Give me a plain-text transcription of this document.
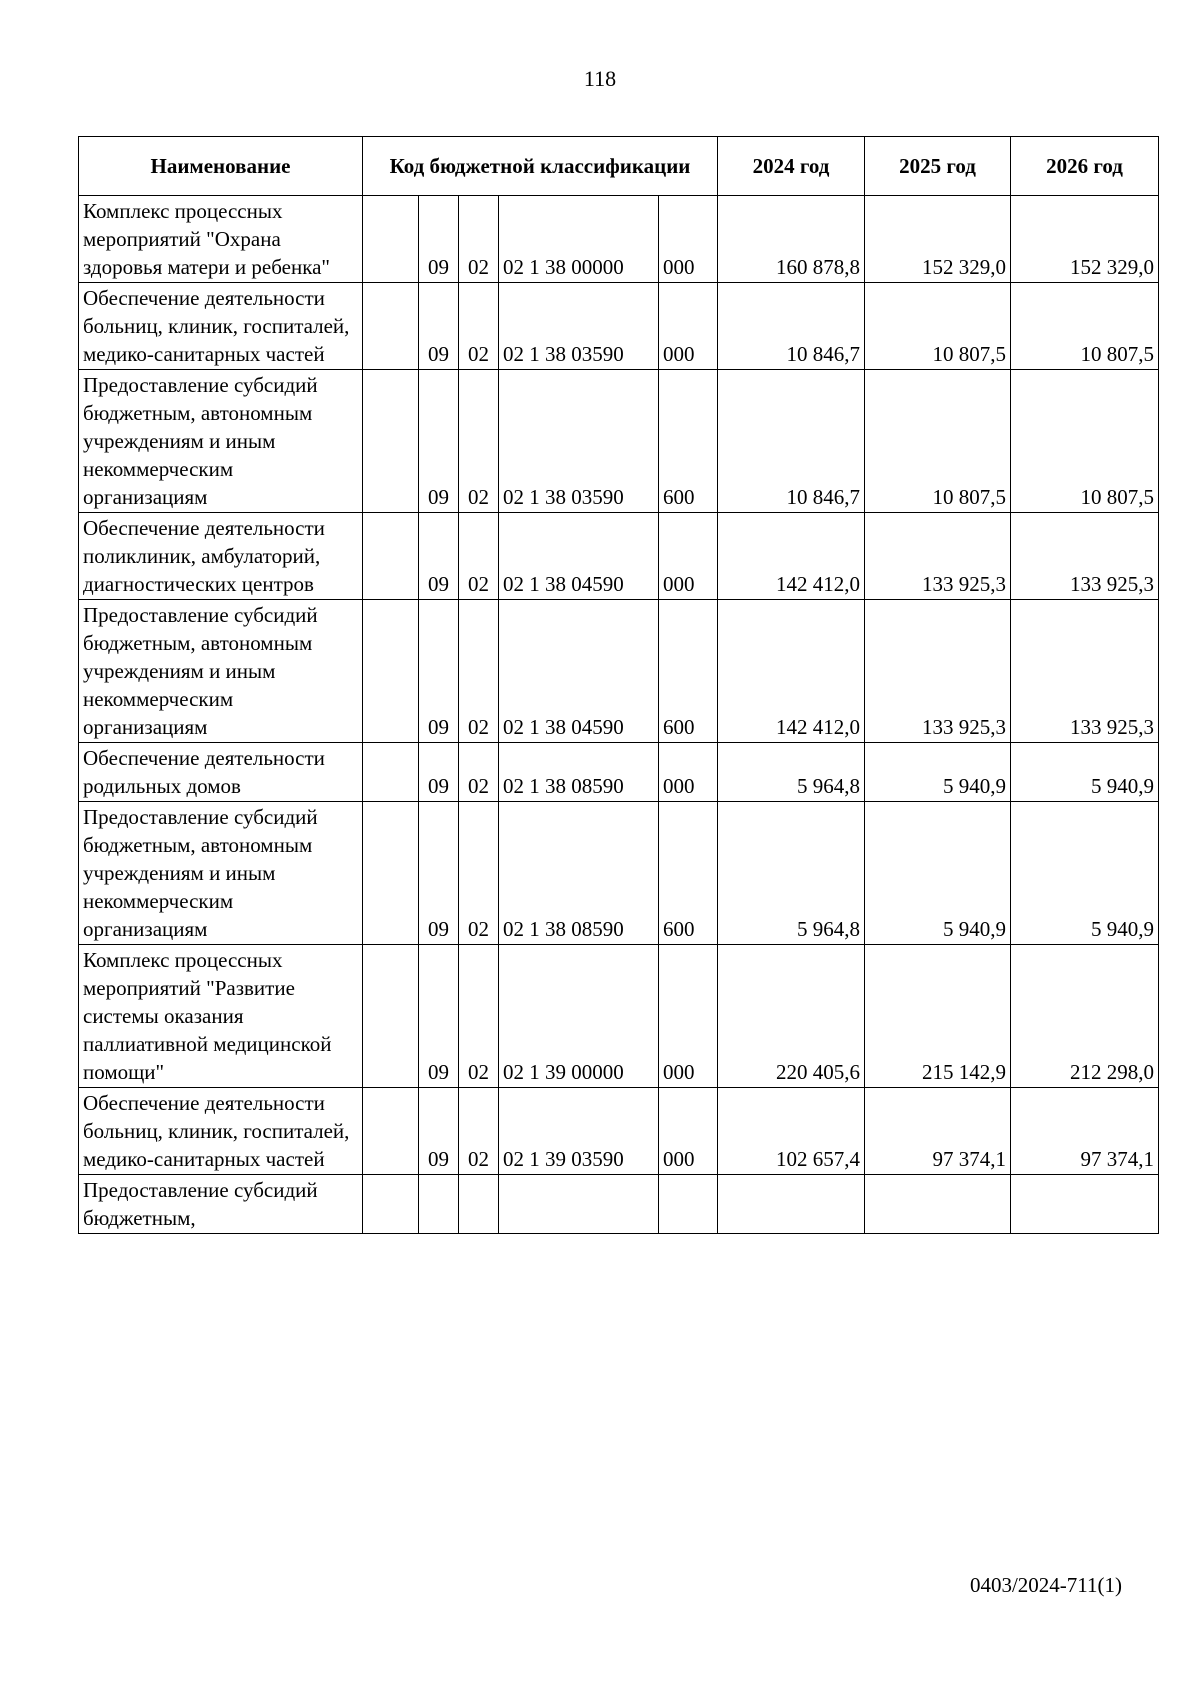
118
Наименование	Код бюджетной классификации					2024 год	2025 год	2026 год
Комплекс процессных мероприятий "Охрана здоровья матери и ребенка"		09	02	02 1 38 00000	000	160 878,8	152 329,0	152 329,0
Обеспечение деятельности больниц, клиник, госпиталей, медико-санитарных частей		09	02	02 1 38 03590	000	10 846,7	10 807,5	10 807,5
Предоставление субсидий бюджетным, автономным учреждениям и иным некоммерческим организациям		09	02	02 1 38 03590	600	10 846,7	10 807,5	10 807,5
Обеспечение деятельности поликлиник, амбулаторий, диагностических центров		09	02	02 1 38 04590	000	142 412,0	133 925,3	133 925,3
Предоставление субсидий бюджетным, автономным учреждениям и иным некоммерческим организациям		09	02	02 1 38 04590	600	142 412,0	133 925,3	133 925,3
Обеспечение деятельности родильных домов		09	02	02 1 38 08590	000	5 964,8	5 940,9	5 940,9
Предоставление субсидий бюджетным, автономным учреждениям и иным некоммерческим организациям		09	02	02 1 38 08590	600	5 964,8	5 940,9	5 940,9
Комплекс процессных мероприятий "Развитие системы оказания паллиативной медицинской помощи"		09	02	02 1 39 00000	000	220 405,6	215 142,9	212 298,0
Обеспечение деятельности больниц, клиник, госпиталей, медико-санитарных частей		09	02	02 1 39 03590	000	102 657,4	97 374,1	97 374,1
Предоставление субсидий бюджетным,								
0403/2024-711(1)
